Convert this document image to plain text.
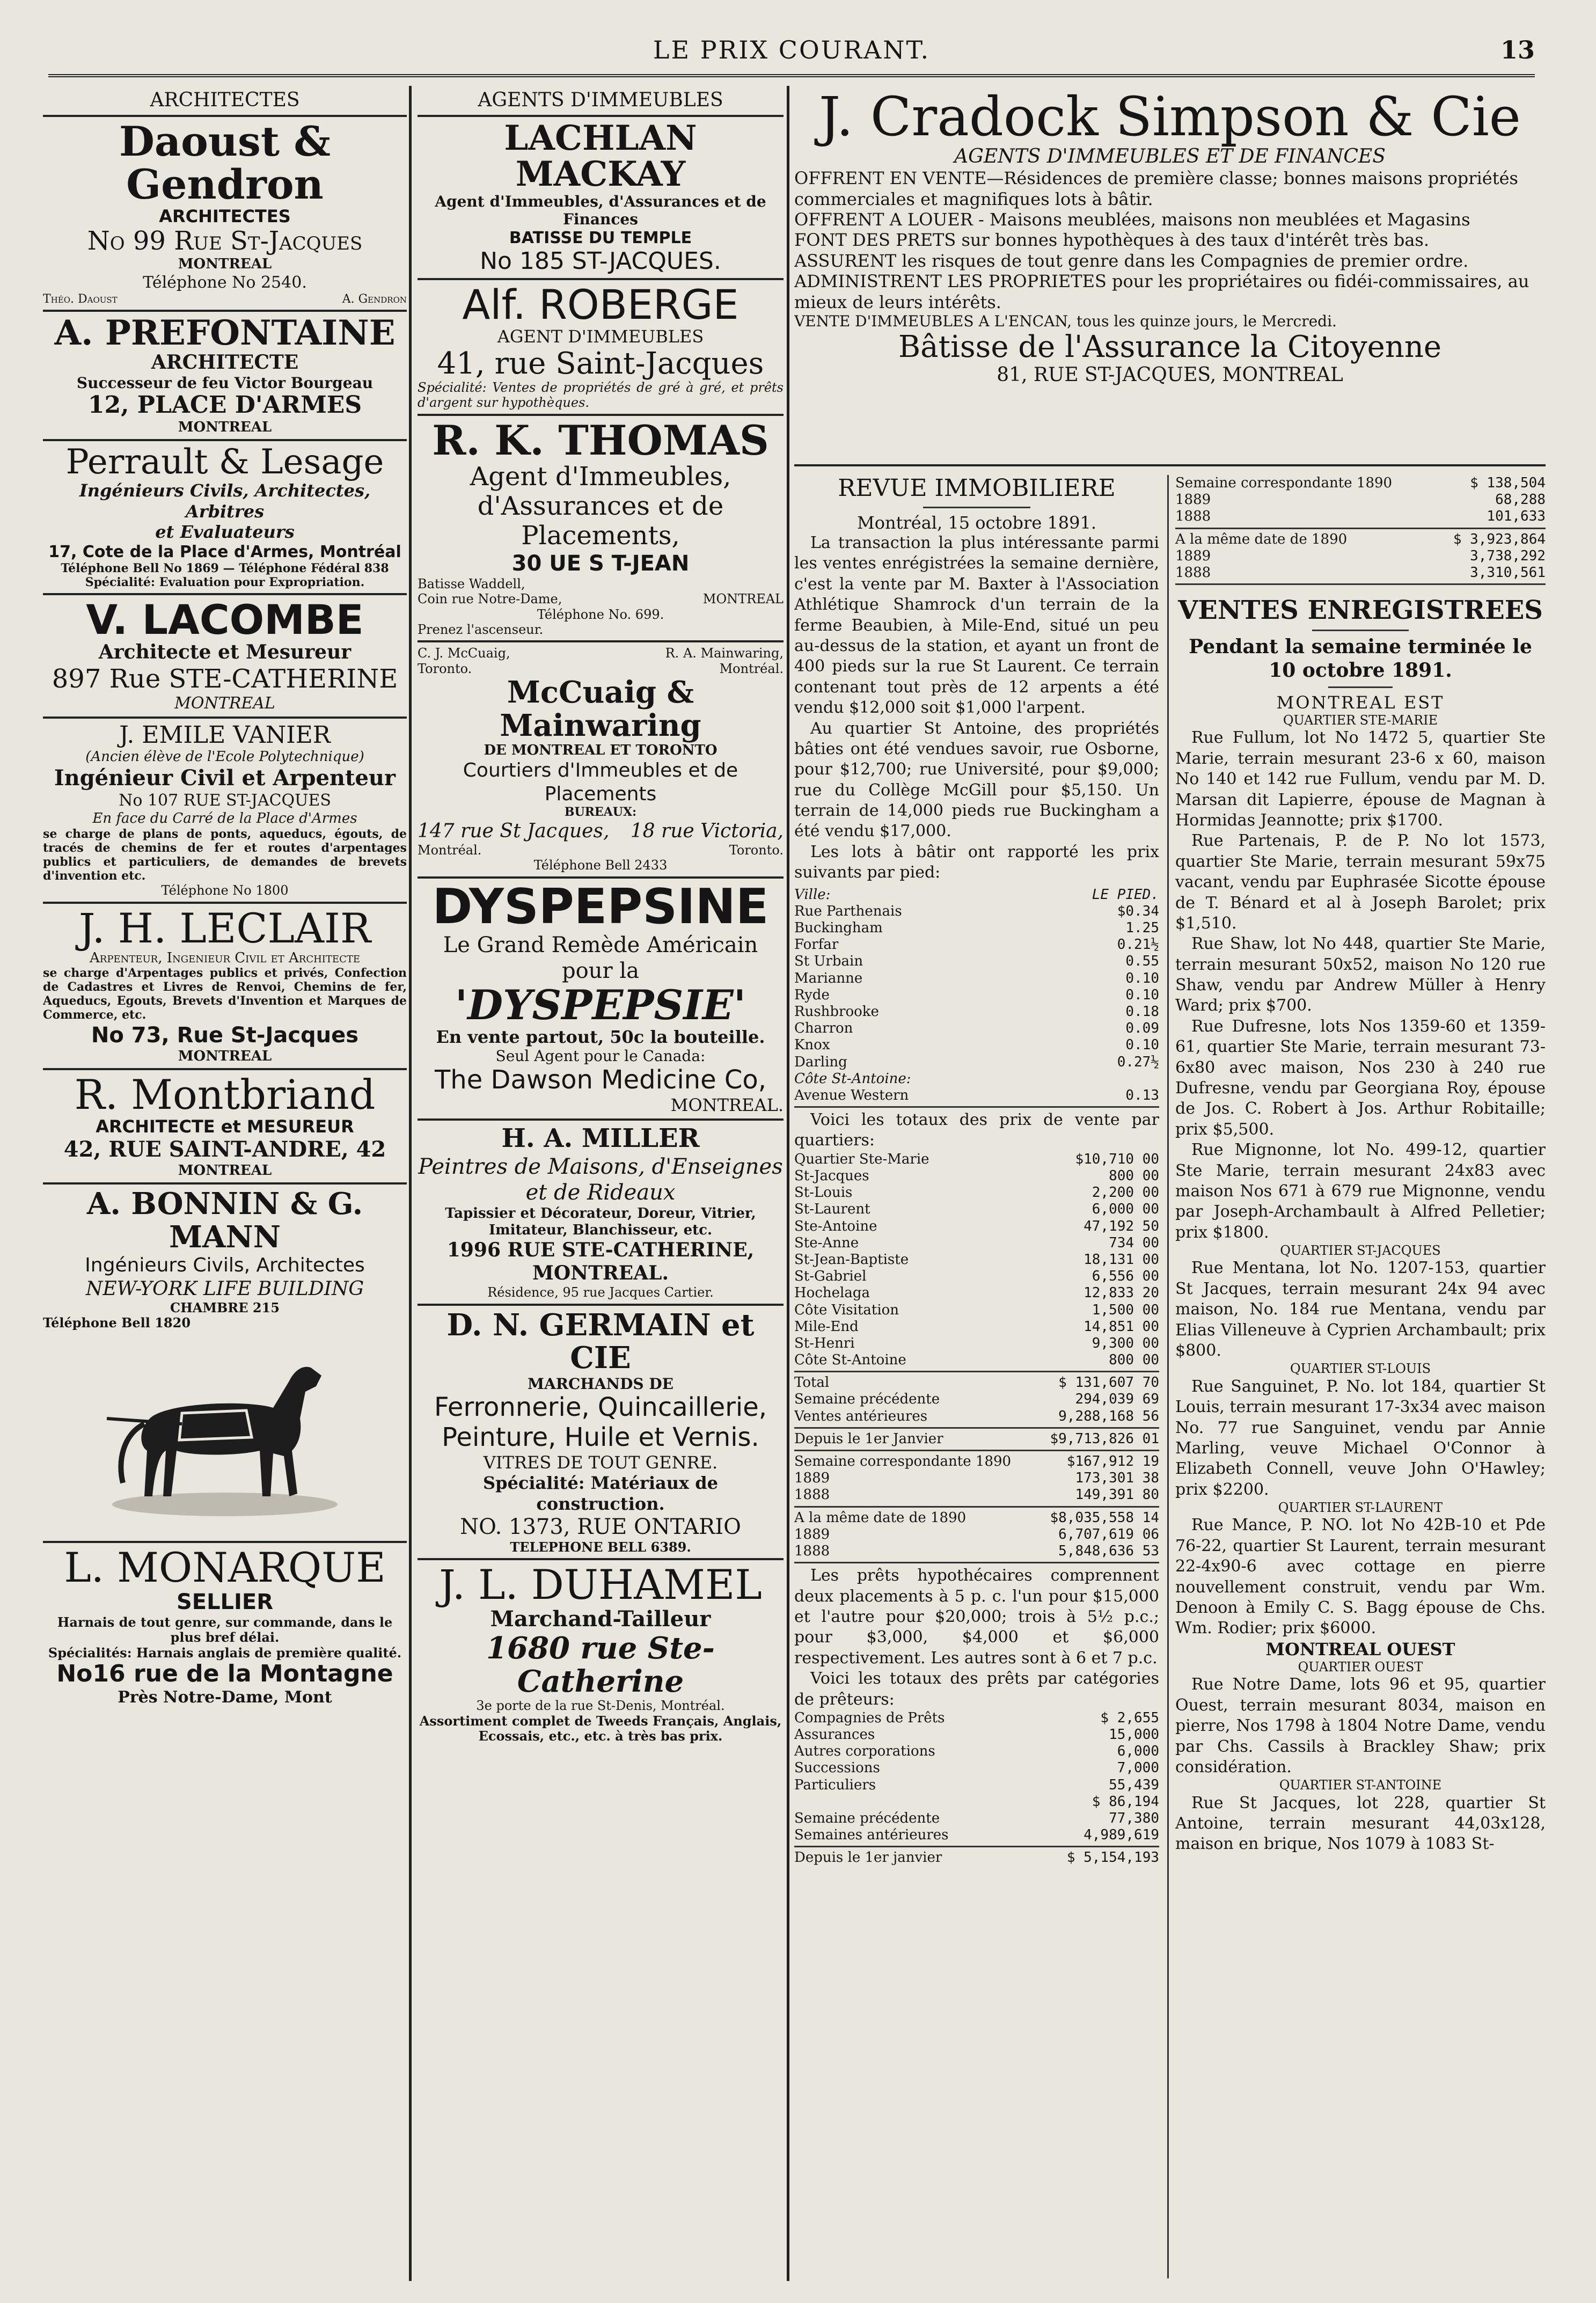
LE PRIX COURANT.	13
ARCHITECTES
Daoust & Gendron
ARCHITECTES
No 99 Rue St-Jacques
MONTREAL
Téléphone No 2540.
Théo. Daoust	A. Gendron
A. PREFONTAINE
ARCHITECTE
Successeur de feu Victor Bourgeau
12, PLACE D'ARMES
MONTREAL
Perrault & Lesage
Ingénieurs Civils, Architectes, Arbitres
et Evaluateurs
17, Cote de la Place d'Armes, Montréal
Téléphone Bell No 1869 — Téléphone Fédéral 838
Spécialité: Evaluation pour Expropriation.
V. LACOMBE
Architecte et Mesureur
897 Rue STE-CATHERINE
MONTREAL
J. EMILE VANIER
(Ancien élève de l'Ecole Polytechnique)
Ingénieur Civil et Arpenteur
No 107 RUE ST-JACQUES
En face du Carré de la Place d'Armes
se charge de plans de ponts, aqueducs, égouts, de tracés de chemins de fer et routes d'arpentages publics et particuliers, de demandes de brevets d'invention etc.
Téléphone No 1800
J. H. LECLAIR
Arpenteur, Ingenieur Civil et Architecte
se charge d'Arpentages publics et privés, Confection de Cadastres et Livres de Renvoi, Chemins de fer, Aqueducs, Egouts, Brevets d'Invention et Marques de Commerce, etc.
No 73, Rue St-Jacques
MONTREAL
R. Montbriand
ARCHITECTE et MESUREUR
42, RUE SAINT-ANDRE, 42
MONTREAL
A. BONNIN & G. MANN
Ingénieurs Civils, Architectes
NEW-YORK LIFE BUILDING
CHAMBRE 215
Téléphone Bell 1820
L. MONARQUE
SELLIER
Harnais de tout genre, sur commande, dans le plus bref délai.
Spécialités: Harnais anglais de première qualité.
No16 rue de la Montagne
Près Notre-Dame, Mont
AGENTS D'IMMEUBLES
LACHLAN MACKAY
Agent d'Immeubles, d'Assurances et de Finances
BATISSE DU TEMPLE
No 185 ST-JACQUES.
Alf. ROBERGE
AGENT D'IMMEUBLES
41, rue Saint-Jacques
Spécialité: Ventes de propriétés de gré à gré, et prêts d'argent sur hypothèques.
R. K. THOMAS
Agent d'Immeubles,
d'Assurances et de Placements,
30 UE S T-JEAN
Batisse Waddell,
Coin rue Notre-Dame,	MONTREAL
Téléphone No. 699.
Prenez l'ascenseur.
C. J. McCuaig,	R. A. Mainwaring,
Toronto.	Montréal.
McCuaig & Mainwaring
DE MONTREAL ET TORONTO
Courtiers d'Immeubles et de Placements
BUREAUX:
147 rue St Jacques, 18 rue Victoria,
Montréal.	Toronto.
Téléphone Bell 2433
DYSPEPSINE
Le Grand Remède Américain
pour la
'DYSPEPSIE'
En vente partout, 50c la bouteille.
Seul Agent pour le Canada:
The Dawson Medicine Co,
MONTREAL.
H. A. MILLER
Peintres de Maisons, d'Enseignes et de Rideaux
Tapissier et Décorateur, Doreur, Vitrier, Imitateur, Blanchisseur, etc.
1996 RUE STE-CATHERINE, MONTREAL.
Résidence, 95 rue Jacques Cartier.
D. N. GERMAIN et CIE
MARCHANDS DE
Ferronnerie, Quincaillerie,
Peinture, Huile et Vernis.
VITRES DE TOUT GENRE.
Spécialité: Matériaux de construction.
NO. 1373, RUE ONTARIO
TELEPHONE BELL 6389.
J. L. DUHAMEL
Marchand-Tailleur
1680 rue Ste-Catherine
3e porte de la rue St-Denis, Montréal.
Assortiment complet de Tweeds Français, Anglais, Ecossais, etc., etc. à très bas prix.
J. Cradock Simpson & Cie
AGENTS D'IMMEUBLES ET DE FINANCES
OFFRENT EN VENTE—Résidences de première classe; bonnes maisons propriétés commerciales et magnifiques lots à bâtir.
OFFRENT A LOUER - Maisons meublées, maisons non meublées et Magasins
FONT DES PRETS sur bonnes hypothèques à des taux d'intérêt très bas.
ASSURENT les risques de tout genre dans les Compagnies de premier ordre.
ADMINISTRENT LES PROPRIETES pour les propriétaires ou fidéi-commissaires, au mieux de leurs intérêts.
VENTE D'IMMEUBLES A L'ENCAN, tous les quinze jours, le Mercredi.
Bâtisse de l'Assurance la Citoyenne
81, RUE ST-JACQUES, MONTREAL
REVUE IMMOBILIERE
Montréal, 15 octobre 1891.

La transaction la plus intéressante parmi les ventes enrégistrées la semaine dernière, c'est la vente par M. Baxter à l'Association Athlétique Shamrock d'un terrain de la ferme Beaubien, à Mile-End, situé un peu au-dessus de la station, et ayant un front de 400 pieds sur la rue St Laurent. Ce terrain contenant tout près de 12 arpents a été vendu $12,000 soit $1,000 l'arpent.

Au quartier St Antoine, des propriétés bâties ont été vendues savoir, rue Osborne, pour $12,700; rue Université, pour $9,000; rue du Collège McGill pour $5,150. Un terrain de 14,000 pieds rue Buckingham a été vendu $17,000.

Les lots à bâtir ont rapporté les prix suivants par pied:

Ville:	LE PIED.
Rue Parthenais	$0.34
Buckingham	1.25
Forfar	0.21½
St Urbain	0.55
Marianne	0.10
Ryde	0.10
Rushbrooke	0.18
Charron	0.09
Knox	0.10
Darling	0.27½
Côte St-Antoine:
Avenue Western	0.13

Voici les totaux des prix de vente par quartiers:

Quartier Ste-Marie	$10,710 00
St-Jacques	800 00
St-Louis	2,200 00
St-Laurent	6,000 00
Ste-Antoine	47,192 50
Ste-Anne	734 00
St-Jean-Baptiste	18,131 00
St-Gabriel	6,556 00
Hochelaga	12,833 20
Côte Visitation	1,500 00
Mile-End	14,851 00
St-Henri	9,300 00
Côte St-Antoine	800 00
Total	$ 131,607 70
Semaine précédente	294,039 69
Ventes antérieures	9,288,168 56
Depuis le 1er Janvier	$9,713,826 01
Semaine correspondante 1890	$167,912 19
1889	173,301 38
1888	149,391 80
A la même date de 1890	$8,035,558 14
1889	6,707,619 06
1888	5,848,636 53

Les prêts hypothécaires comprennent deux placements à 5 p. c. l'un pour $15,000 et l'autre pour $20,000; trois à 5½ p.c.; pour $3,000, $4,000 et $6,000 respectivement. Les autres sont à 6 et 7 p.c.

Voici les totaux des prêts par catégories de prêteurs:

Compagnies de Prêts	$ 2,655
Assurances	15,000
Autres corporations	6,000
Successions	7,000
Particuliers	55,439
$ 86,194
Semaine précédente	77,380
Semaines antérieures	4,989,619
Depuis le 1er janvier	$ 5,154,193
Semaine correspondante 1890	$ 138,504
1889	68,288
1888	101,633
A la même date de 1890	$ 3,923,864
1889	3,738,292
1888	3,310,561
VENTES ENREGISTREES
Pendant la semaine terminée le 10 octobre 1891.
MONTREAL EST
QUARTIER STE-MARIE

Rue Fullum, lot No 1472 5, quartier Ste Marie, terrain mesurant 23-6 x 60, maison No 140 et 142 rue Fullum, vendu par M. D. Marsan dit Lapierre, épouse de Magnan à Hormidas Jeannotte; prix $1700.

Rue Partenais, P. de P. No lot 1573, quartier Ste Marie, terrain mesurant 59x75 vacant, vendu par Euphrasée Sicotte épouse de T. Bénard et al à Joseph Barolet; prix $1,510.

Rue Shaw, lot No 448, quartier Ste Marie, terrain mesurant 50x52, maison No 120 rue Shaw, vendu par Andrew Müller à Henry Ward; prix $700.

Rue Dufresne, lots Nos 1359-60 et 1359-61, quartier Ste Marie, terrain mesurant 73-6x80 avec maison, Nos 230 à 240 rue Dufresne, vendu par Georgiana Roy, épouse de Jos. C. Robert à Jos. Arthur Robitaille; prix $5,500.

Rue Mignonne, lot No. 499-12, quartier Ste Marie, terrain mesurant 24x83 avec maison Nos 671 à 679 rue Mignonne, vendu par Joseph-Archambault à Alfred Pelletier; prix $1800.

QUARTIER ST-JACQUES

Rue Mentana, lot No. 1207-153, quartier St Jacques, terrain mesurant 24x 94 avec maison, No. 184 rue Mentana, vendu par Elias Villeneuve à Cyprien Archambault; prix $800.

QUARTIER ST-LOUIS

Rue Sanguinet, P. No. lot 184, quartier St Louis, terrain mesurant 17-3x34 avec maison No. 77 rue Sanguinet, vendu par Annie Marling, veuve Michael O'Connor à Elizabeth Connell, veuve John O'Hawley; prix $2200.

QUARTIER ST-LAURENT

Rue Mance, P. NO. lot No 42B-10 et Pde 76-22, quartier St Laurent, terrain mesurant 22-4x90-6 avec cottage en pierre nouvellement construit, vendu par Wm. Denoon à Emily C. S. Bagg épouse de Chs. Wm. Rodier; prix $6000.

MONTREAL OUEST
QUARTIER OUEST

Rue Notre Dame, lots 96 et 95, quartier Ouest, terrain mesurant 8034, maison en pierre, Nos 1798 à 1804 Notre Dame, vendu par Chs. Cassils à Brackley Shaw; prix considération.

QUARTIER ST-ANTOINE

Rue St Jacques, lot 228, quartier St Antoine, terrain mesurant 44,03x128, maison en brique, Nos 1079 à 1083 St-
